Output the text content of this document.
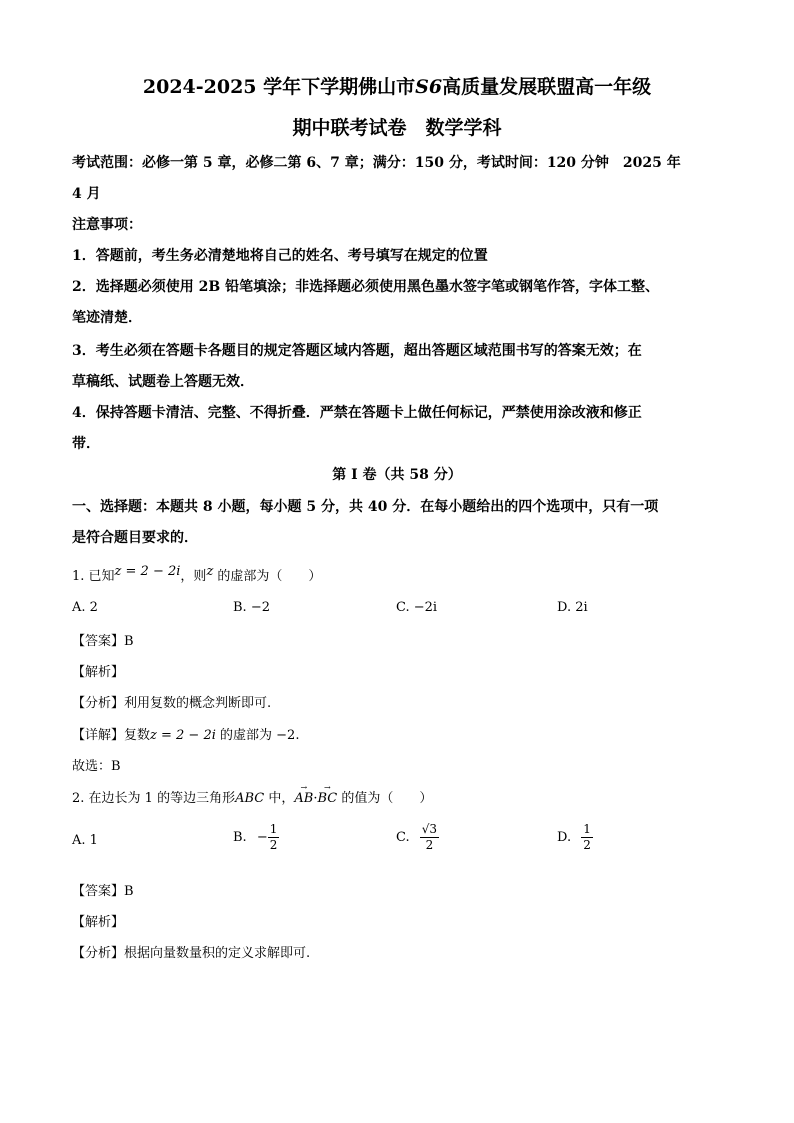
2024-2025 学年下学期佛山市S6高质量发展联盟高一年级
期中联考试卷　数学学科
考试范围：必修一第 5 章，必修二第 6、7 章；满分：150 分，考试时间：120 分钟　2025 年
4 月
注意事项：
1．答题前，考生务必清楚地将自己的姓名、考号填写在规定的位置
2．选择题必须使用 2B 铅笔填涂；非选择题必须使用黑色墨水签字笔或钢笔作答，字体工整、
笔迹清楚．
3．考生必须在答题卡各题目的规定答题区域内答题，超出答题区域范围书写的答案无效；在
草稿纸、试题卷上答题无效．
4．保持答题卡清洁、完整、不得折叠．严禁在答题卡上做任何标记，严禁使用涂改液和修正
带．
第 I 卷（共 58 分）
一、选择题：本题共 8 小题，每小题 5 分，共 40 分．在每小题给出的四个选项中，只有一项
是符合题目要求的．
1. 已知z = 2 − 2i，则z 的虚部为（　　）
A. 2	B. −2	C. −2i	D. 2i
【答案】B
【解析】
【分析】利用复数的概念判断即可.
【详解】复数z = 2 − 2i 的虚部为 −2.
故选：B
2. 在边长为 1 的等边三角形ABC 中，→ AB·→ BC 的值为（　　）
A. 1	B. − $\frac{1}{2}$	C. $\frac{√3}{2}$	D. $\frac{1}{2}$
【答案】B
【解析】
【分析】根据向量数量积的定义求解即可.
